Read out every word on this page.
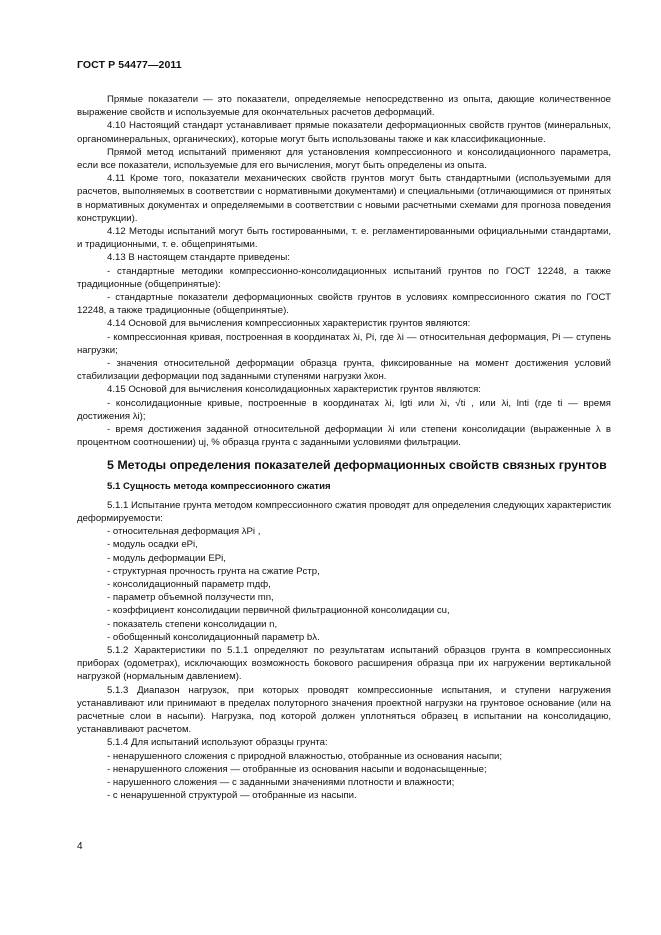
ГОСТ Р 54477—2011

Прямые показатели — это показатели, определяемые непосредственно из опыта, дающие количественное выражение свойств и используемые для окончательных расчетов деформаций.

4.10 Настоящий стандарт устанавливает прямые показатели деформационных свойств грунтов (минеральных, органоминеральных, органических), которые могут быть использованы также и как классификационные.

Прямой метод испытаний применяют для установления компрессионного и консолидационного параметра, если все показатели, используемые для его вычисления, могут быть определены из опыта.

4.11 Кроме того, показатели механических свойств грунтов могут быть стандартными (используемыми для расчетов, выполняемых в соответствии с нормативными документами) и специальными (отличающимися от принятых в нормативных документах и определяемыми в соответствии с новыми расчетными схемами для прогноза поведения конструкции).

4.12 Методы испытаний могут быть гостированными, т. е. регламентированными официальными стандартами, и традиционными, т. е. общепринятыми.

4.13 В настоящем стандарте приведены:

- стандартные методики компрессионно-консолидационных испытаний грунтов по ГОСТ 12248, а также традиционные (общепринятые):

- стандартные показатели деформационных свойств грунтов в условиях компрессионного сжатия по ГОСТ 12248, а также традиционные (общепринятые).

4.14 Основой для вычисления компрессионных характеристик грунтов являются:

- компрессионная кривая, построенная в координатах λi, Pi, где λi — относительная деформация, Pi — ступень нагрузки;

- значения относительной деформации образца грунта, фиксированные на момент достижения условий стабилизации деформации под заданными ступенями нагрузки λкон.

4.15 Основой для вычисления консолидационных характеристик грунтов являются:

- консолидационные кривые, построенные в координатах λi, lgti или λi, √ti , или λi, lnti (где ti — время достижения λi);

- время достижения заданной относительной деформации λi или степени консолидации (выраженные λ в процентном соотношении) uj, % образца грунта с заданными условиями фильтрации.

5 Методы определения показателей деформационных свойств связных грунтов

5.1 Сущность метода компрессионного сжатия

5.1.1 Испытание грунта методом компрессионного сжатия проводят для определения следующих характеристик деформируемости:

- относительная деформация λPi ,

- модуль осадки ePi,

- модуль деформации EPi,

- структурная прочность грунта на сжатие Pстр,

- консолидационный параметр mдф,

- параметр объемной ползучести mn,

- коэффициент консолидации первичной фильтрационной консолидации cu,

- показатель степени консолидации n,

- обобщенный консолидационный параметр bλ.

5.1.2 Характеристики по 5.1.1 определяют по результатам испытаний образцов грунта в компрессионных приборах (одометрах), исключающих возможность бокового расширения образца при их нагружении вертикальной нагрузкой (нормальным давлением).

5.1.3 Диапазон нагрузок, при которых проводят компрессионные испытания, и ступени нагружения устанавливают или принимают в пределах полуторного значения проектной нагрузки на грунтовое основание (или на расчетные слои в насыпи). Нагрузка, под которой должен уплотняться образец в испытании на консолидацию, устанавливают расчетом.

5.1.4 Для испытаний используют образцы грунта:

- ненарушенного сложения с природной влажностью, отобранные из основания насыпи;

- ненарушенного сложения — отобранные из основания насыпи и водонасыщенные;

- нарушенного сложения — с заданными значениями плотности и влажности;

- с ненарушенной структурой — отобранные из насыпи.

4
